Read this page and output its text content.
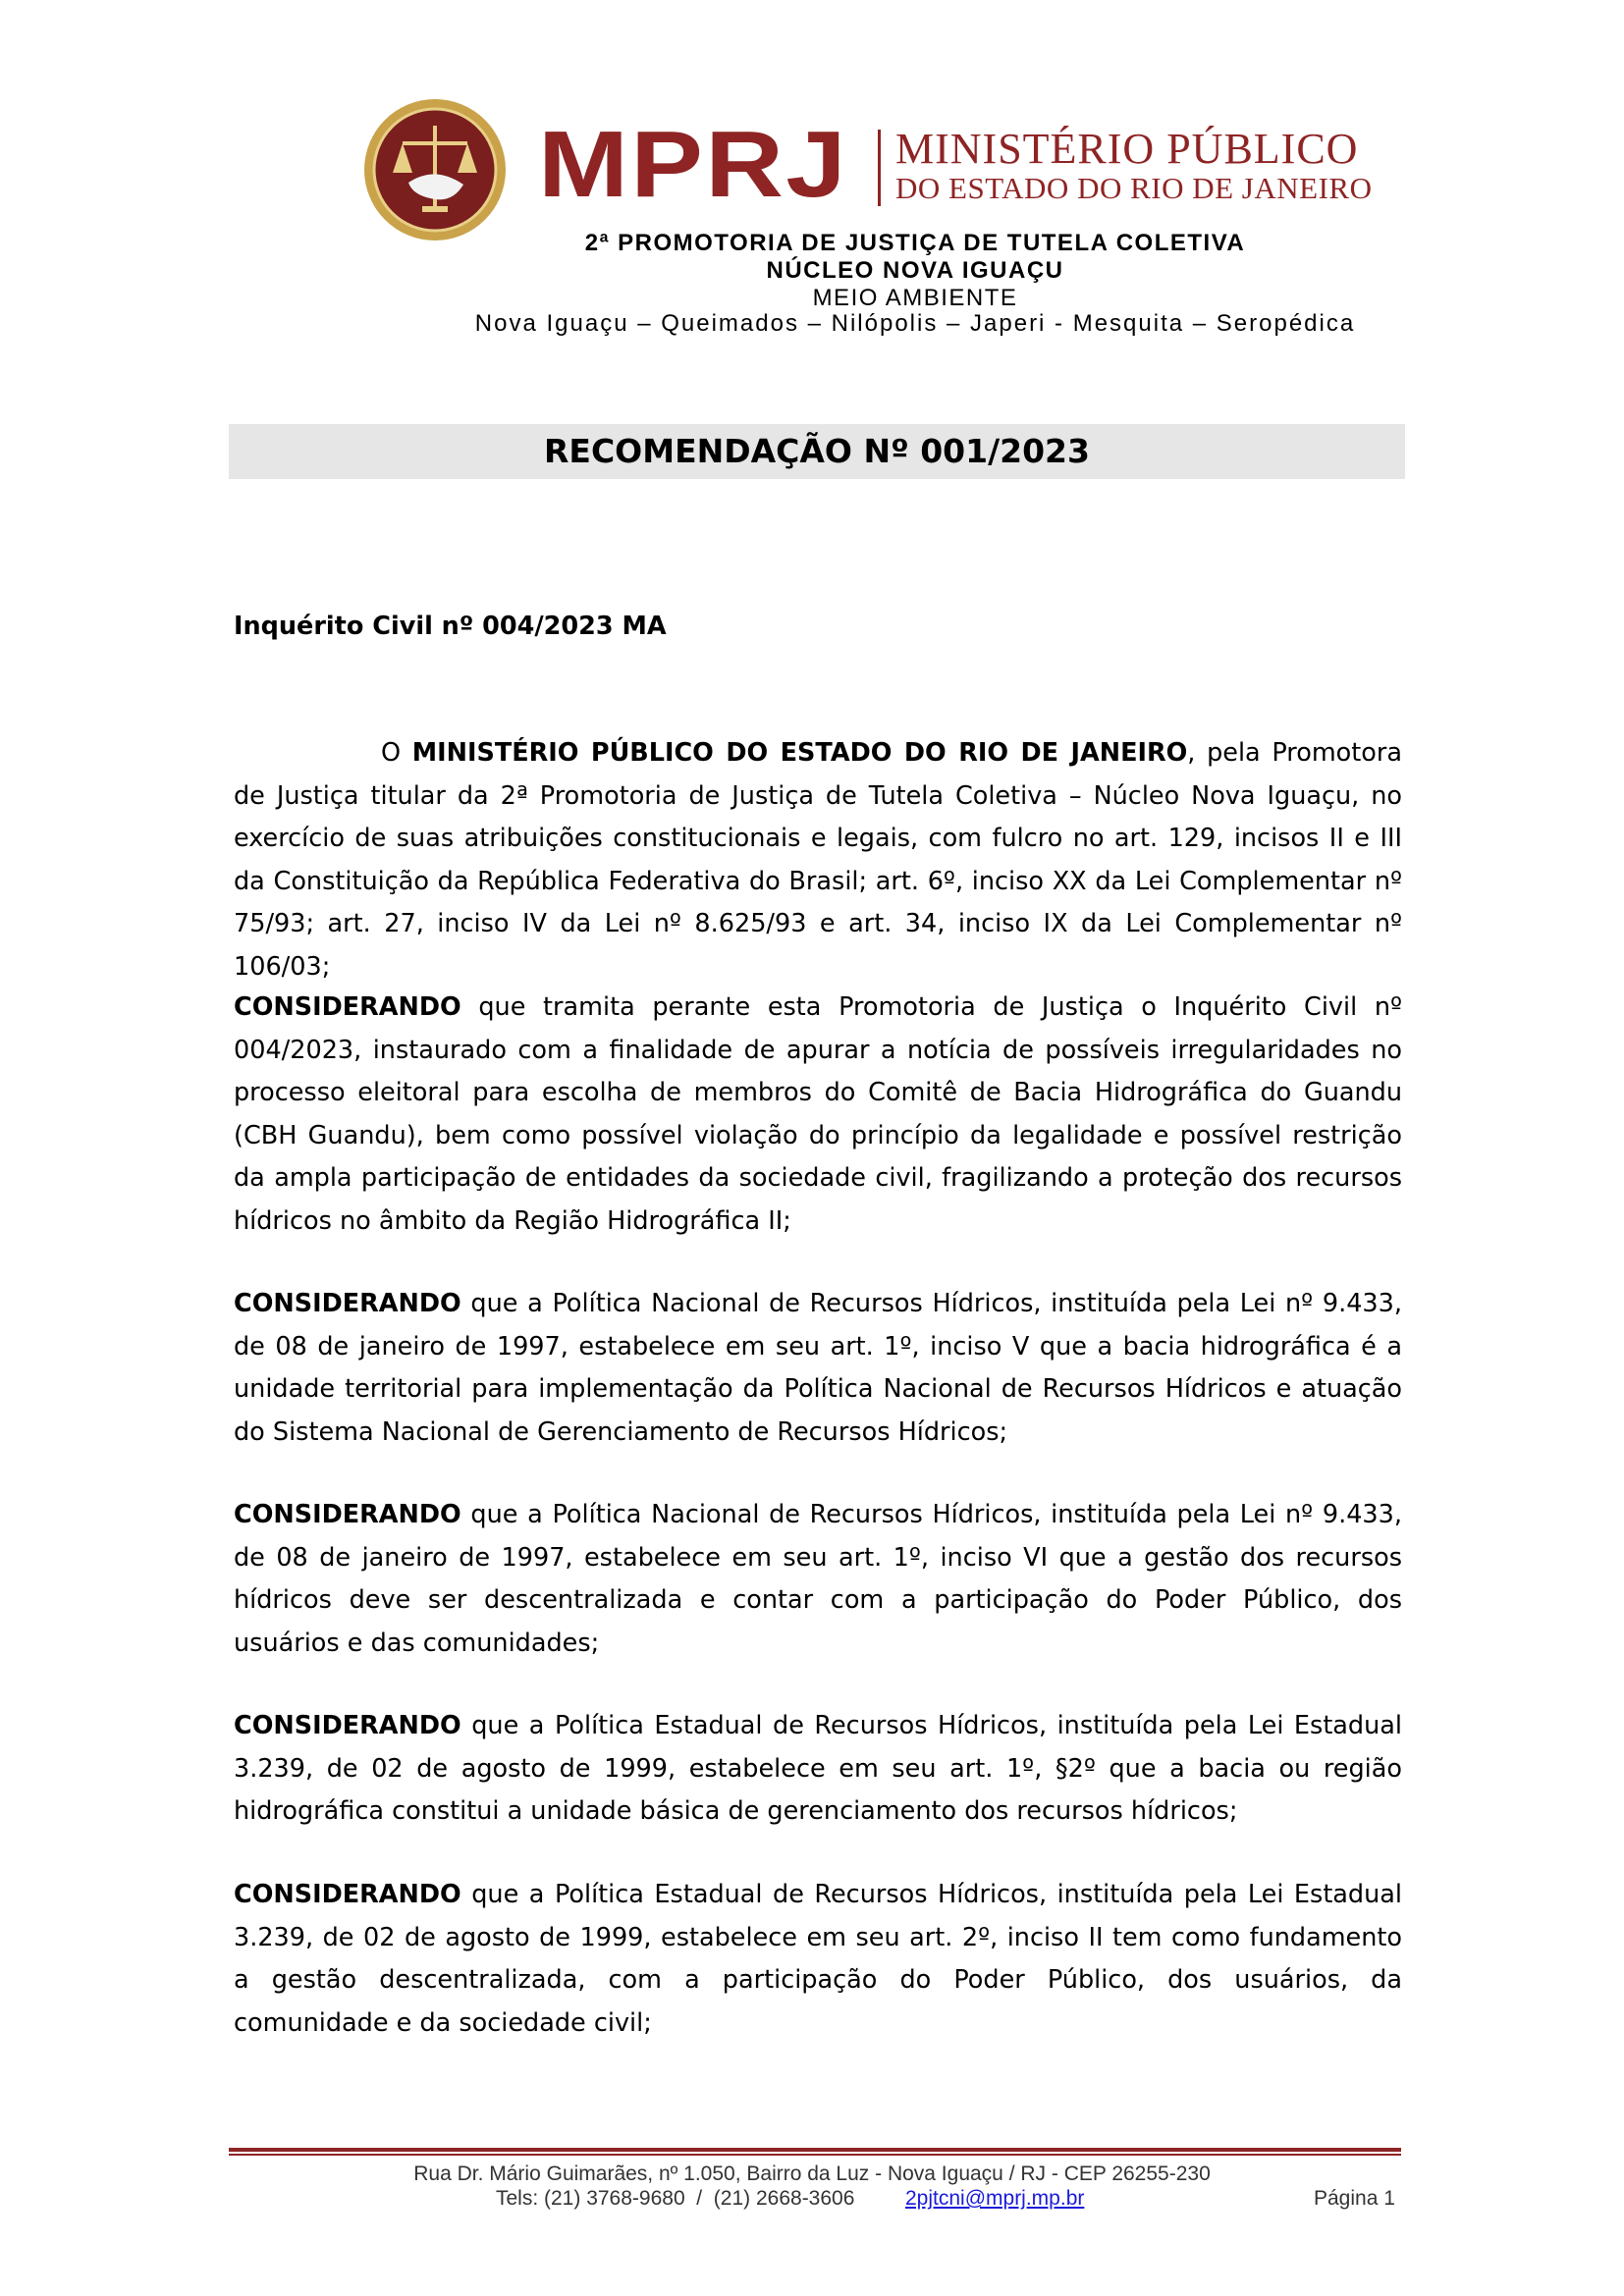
MPRJ MINISTÉRIO PÚBLICO
DO ESTADO DO RIO DE JANEIRO
2ª PROMOTORIA DE JUSTIÇA DE TUTELA COLETIVA
NÚCLEO NOVA IGUAÇU
MEIO AMBIENTE
Nova Iguaçu – Queimados – Nilópolis – Japeri - Mesquita – Seropédica
RECOMENDAÇÃO Nº 001/2023
Inquérito Civil nº 004/2023 MA
O MINISTÉRIO PÚBLICO DO ESTADO DO RIO DE JANEIRO, pela Promotora de Justiça titular da 2ª Promotoria de Justiça de Tutela Coletiva – Núcleo Nova Iguaçu, no exercício de suas atribuições constitucionais e legais, com fulcro no art. 129, incisos II e III da Constituição da República Federativa do Brasil; art. 6º, inciso XX da Lei Complementar nº 75/93; art. 27, inciso IV da Lei nº 8.625/93 e art. 34, inciso IX da Lei Complementar nº 106/03;
CONSIDERANDO que tramita perante esta Promotoria de Justiça o Inquérito Civil nº 004/2023, instaurado com a finalidade de apurar a notícia de possíveis irregularidades no processo eleitoral para escolha de membros do Comitê de Bacia Hidrográfica do Guandu (CBH Guandu), bem como possível violação do princípio da legalidade e possível restrição da ampla participação de entidades da sociedade civil, fragilizando a proteção dos recursos hídricos no âmbito da Região Hidrográfica II;
CONSIDERANDO que a Política Nacional de Recursos Hídricos, instituída pela Lei nº 9.433, de 08 de janeiro de 1997, estabelece em seu art. 1º, inciso V que a bacia hidrográfica é a unidade territorial para implementação da Política Nacional de Recursos Hídricos e atuação do Sistema Nacional de Gerenciamento de Recursos Hídricos;
CONSIDERANDO que a Política Nacional de Recursos Hídricos, instituída pela Lei nº 9.433, de 08 de janeiro de 1997, estabelece em seu art. 1º, inciso VI que a gestão dos recursos hídricos deve ser descentralizada e contar com a participação do Poder Público, dos usuários e das comunidades;
CONSIDERANDO que a Política Estadual de Recursos Hídricos, instituída pela Lei Estadual 3.239, de 02 de agosto de 1999, estabelece em seu art. 1º, §2º que a bacia ou região hidrográfica constitui a unidade básica de gerenciamento dos recursos hídricos;
CONSIDERANDO que a Política Estadual de Recursos Hídricos, instituída pela Lei Estadual 3.239, de 02 de agosto de 1999, estabelece em seu art. 2º, inciso II tem como fundamento a gestão descentralizada, com a participação do Poder Público, dos usuários, da comunidade e da sociedade civil;
Rua Dr. Mário Guimarães, nº 1.050, Bairro da Luz - Nova Iguaçu / RJ - CEP 26255-230
Tels: (21) 3768-9680  /  (21) 2668-3606 2pjtcni@mprj.mp.br	Página 1
